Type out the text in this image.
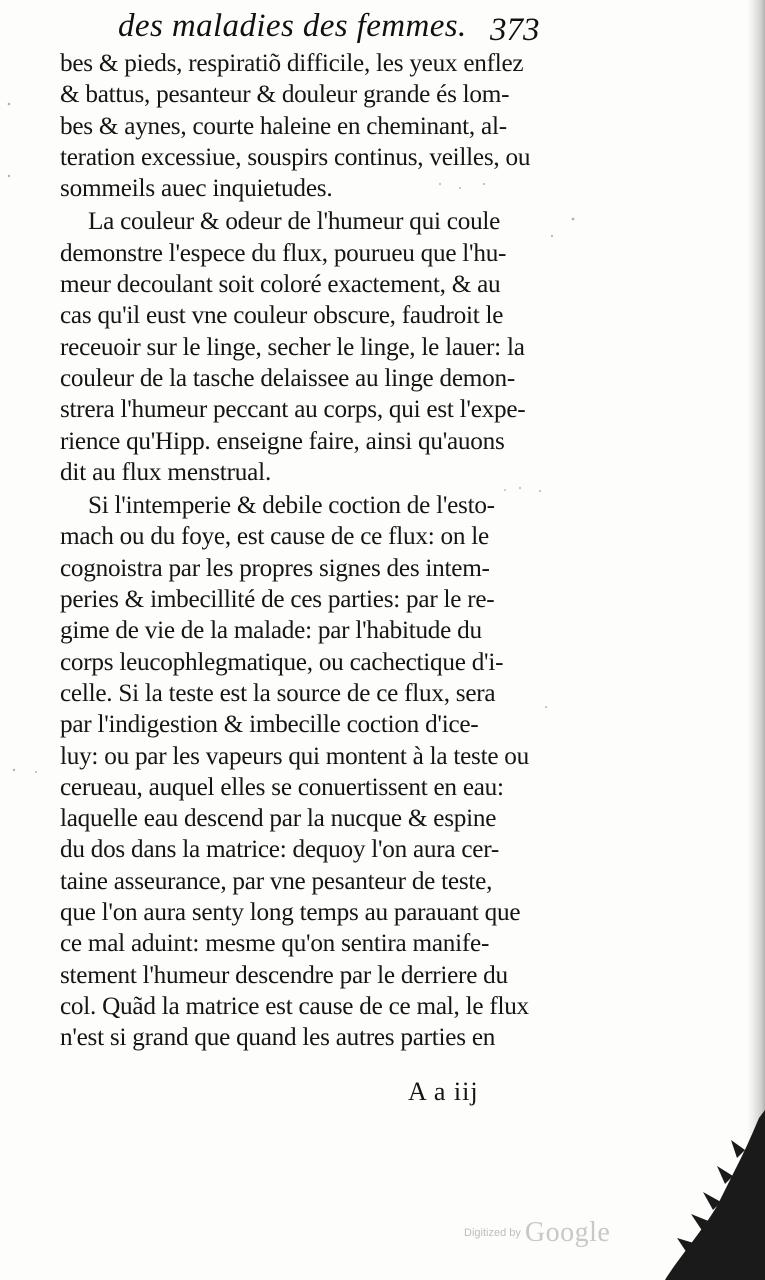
des maladies des femmes. 373
bes & pieds, respiratiõ difficile, les yeux enflez
& battus, pesanteur & douleur grande és lom-
bes & aynes, courte haleine en cheminant, al-
teration excessiue, souspirs continus, veilles, ou
sommeils auec inquietudes.
La couleur & odeur de l'humeur qui coule
demonstre l'espece du flux, pourueu que l'hu-
meur decoulant soit coloré exactement, & au
cas qu'il eust vne couleur obscure, faudroit le
receuoir sur le linge, secher le linge, le lauer: la
couleur de la tasche delaissee au linge demon-
strera l'humeur peccant au corps, qui est l'expe-
rience qu'Hipp. enseigne faire, ainsi qu'auons
dit au flux menstrual.
Si l'intemperie & debile coction de l'esto-
mach ou du foye, est cause de ce flux: on le
cognoistra par les propres signes des intem-
peries & imbecillité de ces parties: par le re-
gime de vie de la malade: par l'habitude du
corps leucophlegmatique, ou cachectique d'i-
celle. Si la teste est la source de ce flux, sera
par l'indigestion & imbecille coction d'ice-
luy: ou par les vapeurs qui montent à la teste ou
cerueau, auquel elles se conuertissent en eau:
laquelle eau descend par la nucque & espine
du dos dans la matrice: dequoy l'on aura cer-
taine asseurance, par vne pesanteur de teste,
que l'on aura senty long temps au parauant que
ce mal aduint: mesme qu'on sentira manife-
stement l'humeur descendre par le derriere du
col. Quãd la matrice est cause de ce mal, le flux
n'est si grand que quand les autres parties en
A a iij
Digitized by Google
